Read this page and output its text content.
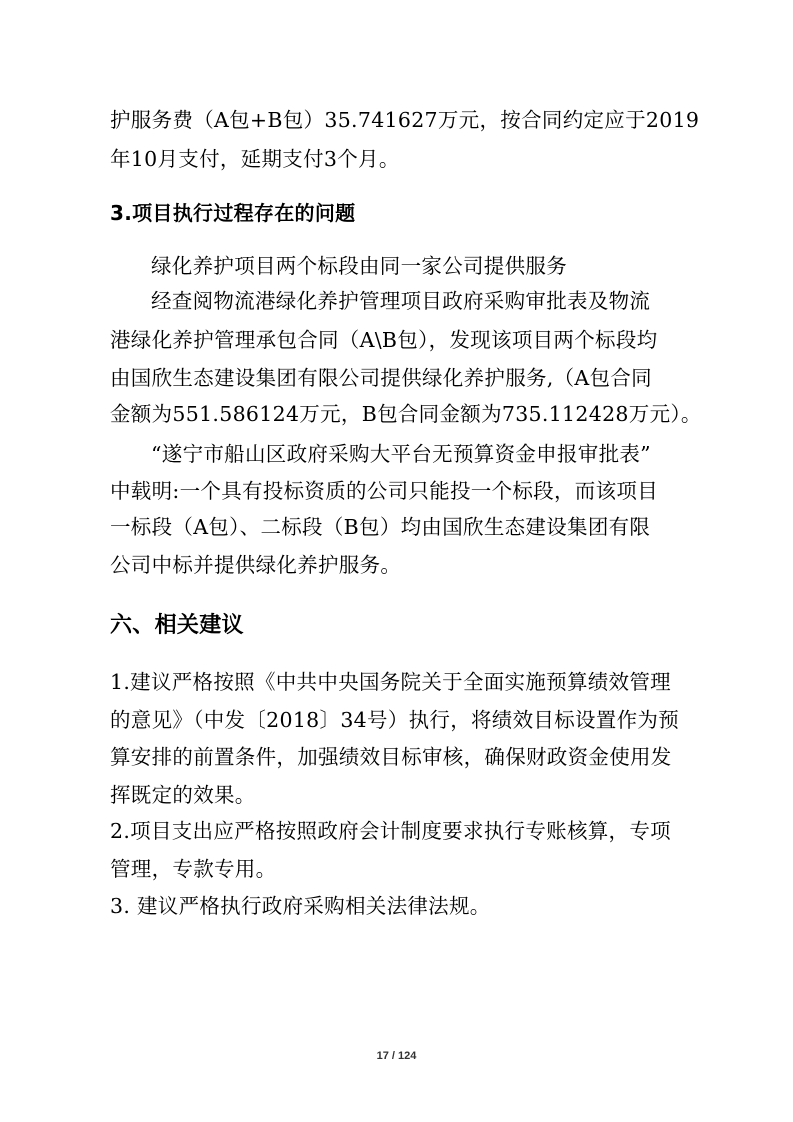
护服务费（A包+B包）35.741627万元，按合同约定应于2019
年10月支付，延期支付3个月。
3.项目执行过程存在的问题
绿化养护项目两个标段由同一家公司提供服务
经查阅物流港绿化养护管理项目政府采购审批表及物流
港绿化养护管理承包合同（A\B包），发现该项目两个标段均
由国欣生态建设集团有限公司提供绿化养护服务,（A包合同
金额为551.586124万元，B包合同金额为735.112428万元）。
“遂宁市船山区政府采购大平台无预算资金申报审批表”
中载明:一个具有投标资质的公司只能投一个标段，而该项目
一标段（A包）、二标段（B包）均由国欣生态建设集团有限
公司中标并提供绿化养护服务。
六、相关建议
1.建议严格按照《中共中央国务院关于全面实施预算绩效管理
的意见》（中发〔2018〕34号）执行，将绩效目标设置作为预
算安排的前置条件，加强绩效目标审核，确保财政资金使用发
挥既定的效果。
2.项目支出应严格按照政府会计制度要求执行专账核算，专项
管理，专款专用。
3. 建议严格执行政府采购相关法律法规。
17 / 124
